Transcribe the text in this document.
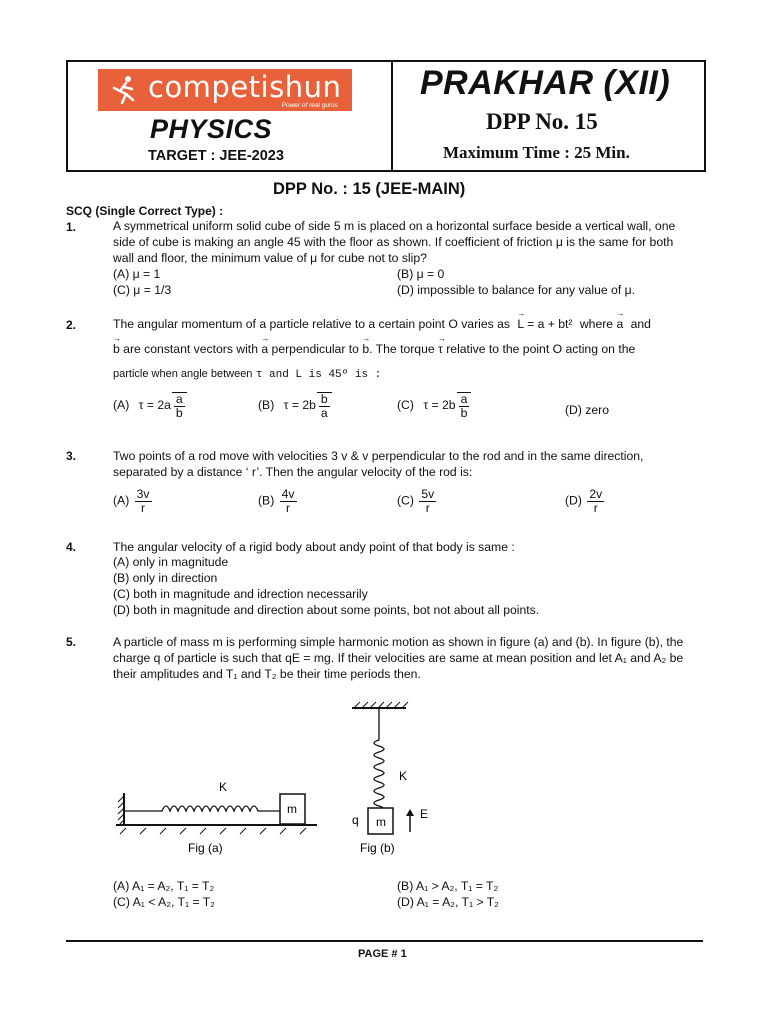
competishun
Power of real gurus
PHYSICS
TARGET : JEE-2023
PRAKHAR (XII)
DPP No. 15
Maximum Time : 25 Min.
DPP No. : 15 (JEE-MAIN)
SCQ (Single Correct Type) :
1.	A symmetrical uniform solid cube of side 5 m is placed on a horizontal surface beside a vertical wall, one
side of cube is making an angle 45 with the floor as shown. If coefficient of friction μ is the same for both
wall and floor, the minimum value of μ for cube not to slip?
(A) μ = 1	(B) μ = 0
(C) μ = 1/3	(D) impossible to balance for any value of μ.
2.	The angular momentum of a particle relative to a certain point O varies as → L = a + bt² where → a and
→ b are constant vectors with → a perpendicular to → b. The torque → τ relative to the point O acting on the
particle when angle between τ and L is 45º is :
(A) $\tau = 2a \frac{a}{b}$	(B) $\tau = 2b \frac{b}{a}$	(C) $\tau = 2b \frac{a}{b}$	(D) zero
3.	Two points of a rod move with velocities 3 v & v perpendicular to the rod and in the same direction,
separated by a distance ‘ r’. Then the angular velocity of the rod is:
$(A) \frac{3v}{r}$	$(B) \frac{4v}{r}$	$(C) \frac{5v}{r}$	$(D) \frac{2v}{r}$
4.	The angular velocity of a rigid body about andy point of that body is same :
(A) only in magnitude
(B) only in direction
(C) both in magnitude and idrection necessarily
(D) both in magnitude and direction about some points, bot not about all points.
5.	A particle of mass m is performing simple harmonic motion as shown in figure (a) and (b). In figure (b), the
charge q of particle is such that qE = mg. If their velocities are same at mean position and let A₁ and A₂ be
their amplitudes and T₁ and T₂ be their time periods then.
K
m
Fig (a)
K
m
q	E
Fig (b)
(A) A₁ = A₂, T₁ = T₂	(B) A₁ > A₂, T₁ = T₂
(C) A₁ < A₂, T₁ = T₂	(D) A₁ = A₂, T₁ > T₂
PAGE # 1
